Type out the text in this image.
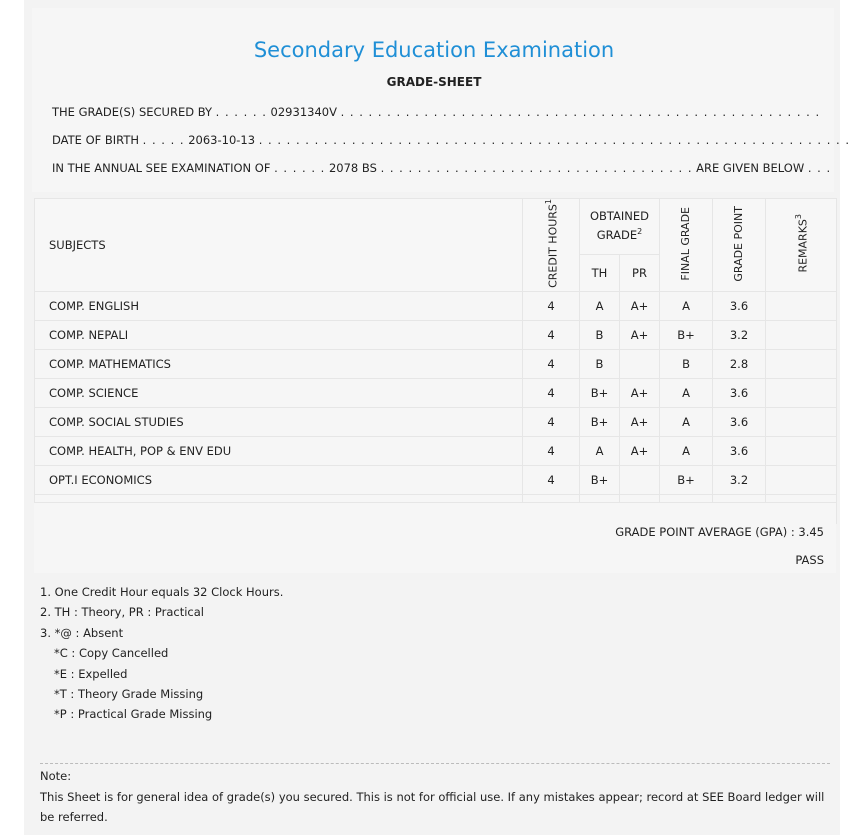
Secondary Education Examination
GRADE-SHEET
THE GRADE(S) SECURED BY . . . . . . 02931340V . . . . . . . . . . . . . . . . . . . . . . . . . . . . . . . . . . . . . . . . . . . . . . . . . . . .
DATE OF BIRTH . . . . . 2063-10-13 . . . . . . . . . . . . . . . . . . . . . . . . . . . . . . . . . . . . . . . . . . . . . . . . . . . . . . . . . . . . . . . .
IN THE ANNUAL SEE EXAMINATION OF . . . . . . 2078 BS . . . . . . . . . . . . . . . . . . . . . . . . . . . . . . . . . . ARE GIVEN BELOW . . .
SUBJECTS	CREDIT HOURS$^1$	OBTAINED GRADE$^2$		FINAL GRADE	GRADE POINT	REMARKS$^3$
		TH	PR			
COMP. ENGLISH	4	A	A+	A	3.6	
COMP. NEPALI	4	B	A+	B+	3.2	
COMP. MATHEMATICS	4	B		B	2.8	
COMP. SCIENCE	4	B+	A+	A	3.6	
COMP. SOCIAL STUDIES	4	B+	A+	A	3.6	
COMP. HEALTH, POP & ENV EDU	4	A	A+	A	3.6	
OPT.I ECONOMICS	4	B+		B+	3.2	

GRADE POINT AVERAGE (GPA) : 3.45
PASS
1. One Credit Hour equals 32 Clock Hours.
2. TH : Theory, PR : Practical
3. *@ : Absent
*C : Copy Cancelled
*E : Expelled
*T : Theory Grade Missing
*P : Practical Grade Missing
Note:
This Sheet is for general idea of grade(s) you secured. This is not for official use. If any mistakes appear; record at SEE Board ledger will be referred.
